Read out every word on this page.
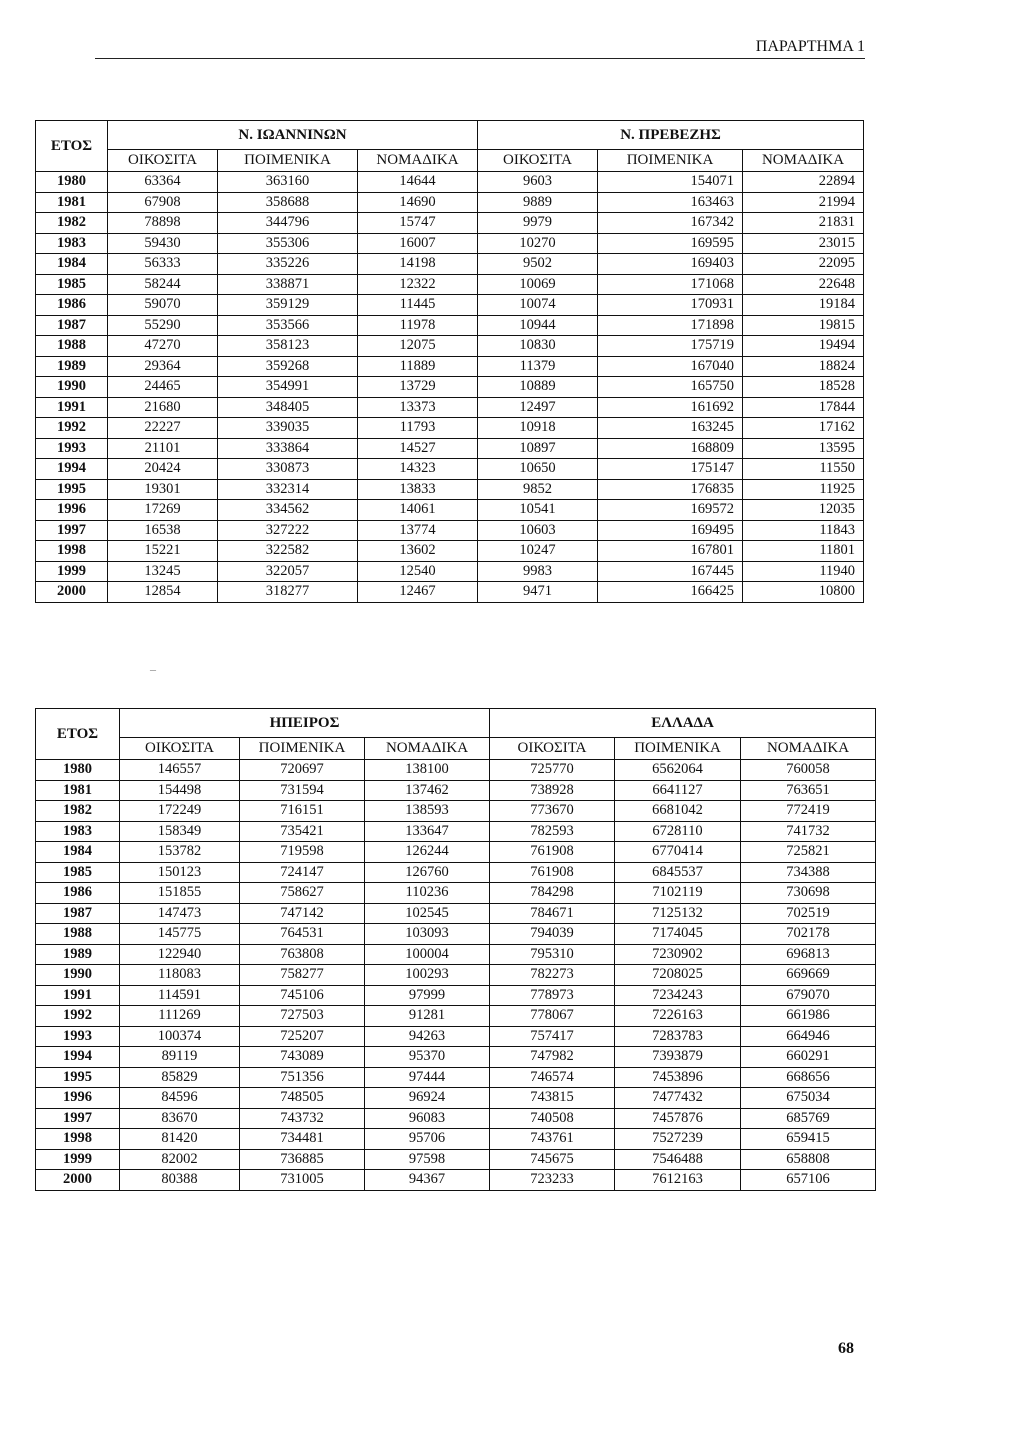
ΠΑΡΑΡΤΗΜΑ 1
ΕΤΟΣ	Ν. ΙΩΑΝΝΙΝΩΝ			Ν. ΠΡΕΒΕΖΗΣ		
	ΟΙΚΟΣΙΤΑ	ΠΟΙΜΕΝΙΚΑ	ΝΟΜΑΔΙΚΑ	ΟΙΚΟΣΙΤΑ	ΠΟΙΜΕΝΙΚΑ	ΝΟΜΑΔΙΚΑ
1980	63364	363160	14644	9603	154071	22894
1981	67908	358688	14690	9889	163463	21994
1982	78898	344796	15747	9979	167342	21831
1983	59430	355306	16007	10270	169595	23015
1984	56333	335226	14198	9502	169403	22095
1985	58244	338871	12322	10069	171068	22648
1986	59070	359129	11445	10074	170931	19184
1987	55290	353566	11978	10944	171898	19815
1988	47270	358123	12075	10830	175719	19494
1989	29364	359268	11889	11379	167040	18824
1990	24465	354991	13729	10889	165750	18528
1991	21680	348405	13373	12497	161692	17844
1992	22227	339035	11793	10918	163245	17162
1993	21101	333864	14527	10897	168809	13595
1994	20424	330873	14323	10650	175147	11550
1995	19301	332314	13833	9852	176835	11925
1996	17269	334562	14061	10541	169572	12035
1997	16538	327222	13774	10603	169495	11843
1998	15221	322582	13602	10247	167801	11801
1999	13245	322057	12540	9983	167445	11940
2000	12854	318277	12467	9471	166425	10800
–
ΕΤΟΣ	ΗΠΕΙΡΟΣ			ΕΛΛΑΔΑ		
	ΟΙΚΟΣΙΤΑ	ΠΟΙΜΕΝΙΚΑ	ΝΟΜΑΔΙΚΑ	ΟΙΚΟΣΙΤΑ	ΠΟΙΜΕΝΙΚΑ	ΝΟΜΑΔΙΚΑ
1980	146557	720697	138100	725770	6562064	760058
1981	154498	731594	137462	738928	6641127	763651
1982	172249	716151	138593	773670	6681042	772419
1983	158349	735421	133647	782593	6728110	741732
1984	153782	719598	126244	761908	6770414	725821
1985	150123	724147	126760	761908	6845537	734388
1986	151855	758627	110236	784298	7102119	730698
1987	147473	747142	102545	784671	7125132	702519
1988	145775	764531	103093	794039	7174045	702178
1989	122940	763808	100004	795310	7230902	696813
1990	118083	758277	100293	782273	7208025	669669
1991	114591	745106	97999	778973	7234243	679070
1992	111269	727503	91281	778067	7226163	661986
1993	100374	725207	94263	757417	7283783	664946
1994	89119	743089	95370	747982	7393879	660291
1995	85829	751356	97444	746574	7453896	668656
1996	84596	748505	96924	743815	7477432	675034
1997	83670	743732	96083	740508	7457876	685769
1998	81420	734481	95706	743761	7527239	659415
1999	82002	736885	97598	745675	7546488	658808
2000	80388	731005	94367	723233	7612163	657106
68
